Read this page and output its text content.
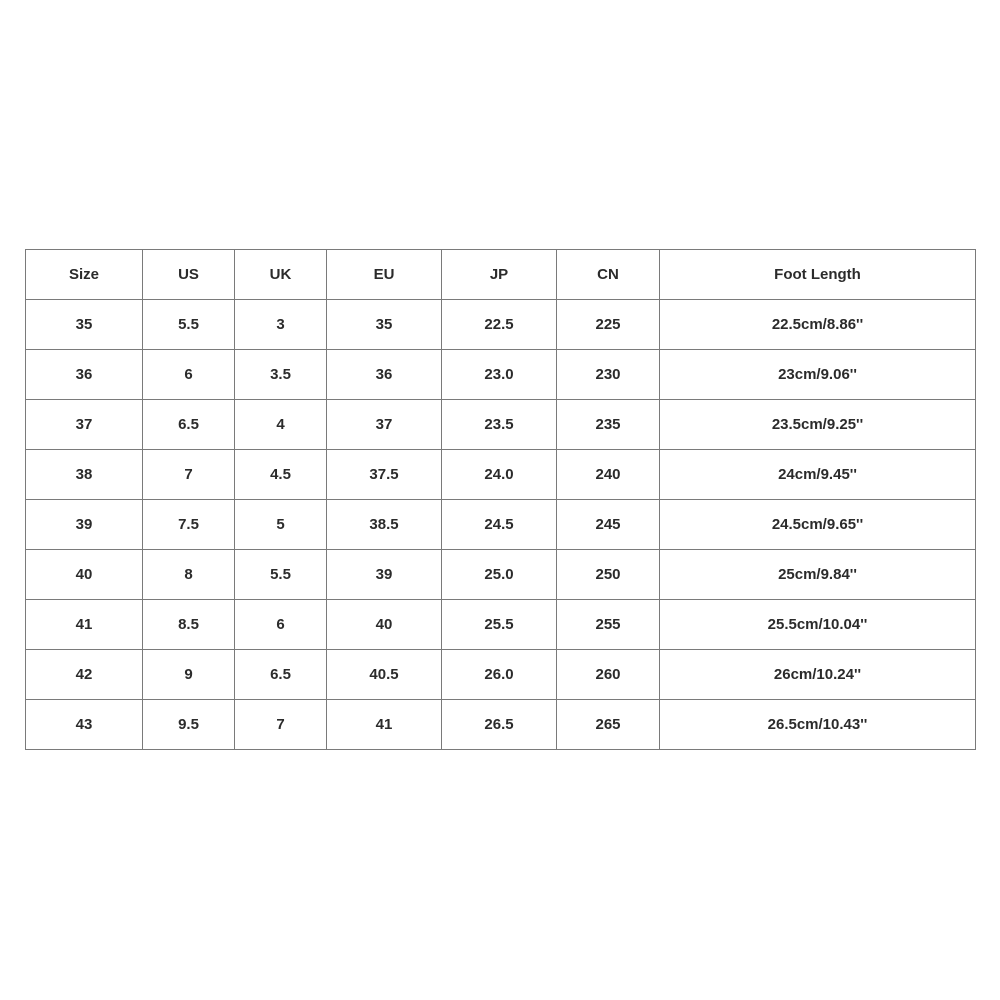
Size	US	UK	EU	JP	CN	Foot Length
35	5.5	3	35	22.5	225	22.5cm/8.86''
36	6	3.5	36	23.0	230	23cm/9.06''
37	6.5	4	37	23.5	235	23.5cm/9.25''
38	7	4.5	37.5	24.0	240	24cm/9.45''
39	7.5	5	38.5	24.5	245	24.5cm/9.65''
40	8	5.5	39	25.0	250	25cm/9.84''
41	8.5	6	40	25.5	255	25.5cm/10.04''
42	9	6.5	40.5	26.0	260	26cm/10.24''
43	9.5	7	41	26.5	265	26.5cm/10.43''
